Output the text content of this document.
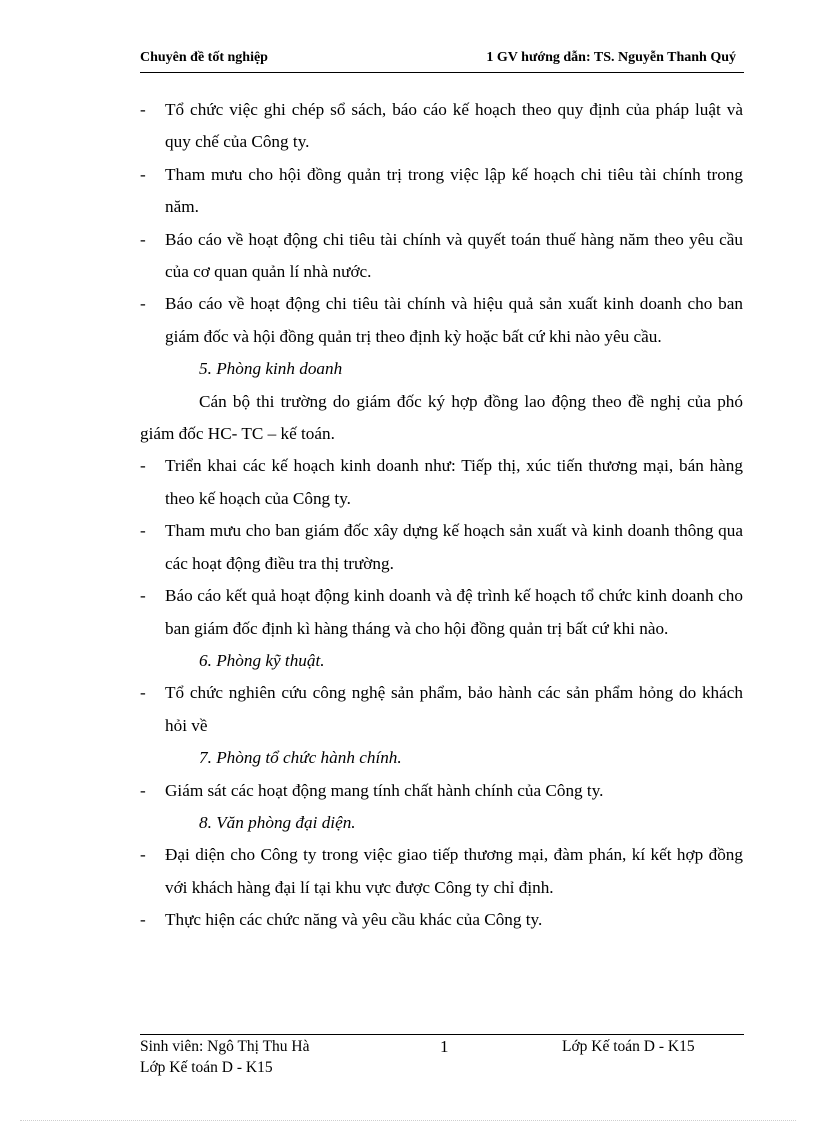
Chuyên đề tốt nghiệp	1 GV hướng dẫn: TS. Nguyễn Thanh Quý
- Tổ chức việc ghi chép sổ sách, báo cáo kế hoạch theo quy định của pháp luật và quy chế của Công ty.
- Tham mưu cho hội đồng quản trị trong việc lập kế hoạch chi tiêu tài chính trong năm.
- Báo cáo về hoạt động chi tiêu tài chính và quyết toán thuế hàng năm theo yêu cầu của cơ quan quản lí nhà nước.
- Báo cáo về hoạt động chi tiêu tài chính và hiệu quả sản xuất kinh doanh cho ban giám đốc và hội đồng quản trị theo định kỳ hoặc bất cứ khi nào yêu cầu.
5. Phòng kinh doanh
Cán bộ thi trường do giám đốc ký hợp đồng lao động theo đề nghị của phó giám đốc HC- TC – kế toán.
- Triển khai các kế hoạch kinh doanh như: Tiếp thị, xúc tiến thương mại, bán hàng theo kế hoạch của Công ty.
- Tham mưu cho ban giám đốc xây dựng kế hoạch sản xuất và kinh doanh thông qua các hoạt động điều tra thị trường.
- Báo cáo kết quả hoạt động kinh doanh và đệ trình kế hoạch tổ chức kinh doanh cho ban giám đốc định kì hàng tháng và cho hội đồng quản trị bất cứ khi nào.
6. Phòng kỹ thuật.
- Tổ chức nghiên cứu công nghệ sản phẩm, bảo hành các sản phẩm hỏng do khách hỏi về
7. Phòng tổ chức hành chính.
- Giám sát các hoạt động mang tính chất hành chính của Công ty.
8. Văn phòng đại diện.
- Đại diện cho Công ty trong việc giao tiếp thương mại, đàm phán, kí kết hợp đồng với khách hàng đại lí tại khu vực được Công ty chỉ định.
- Thực hiện các chức năng và yêu cầu khác của Công ty.
Sinh viên: Ngô Thị Thu Hà	1	Lớp Kế toán D - K15
Lớp Kế toán D - K15
